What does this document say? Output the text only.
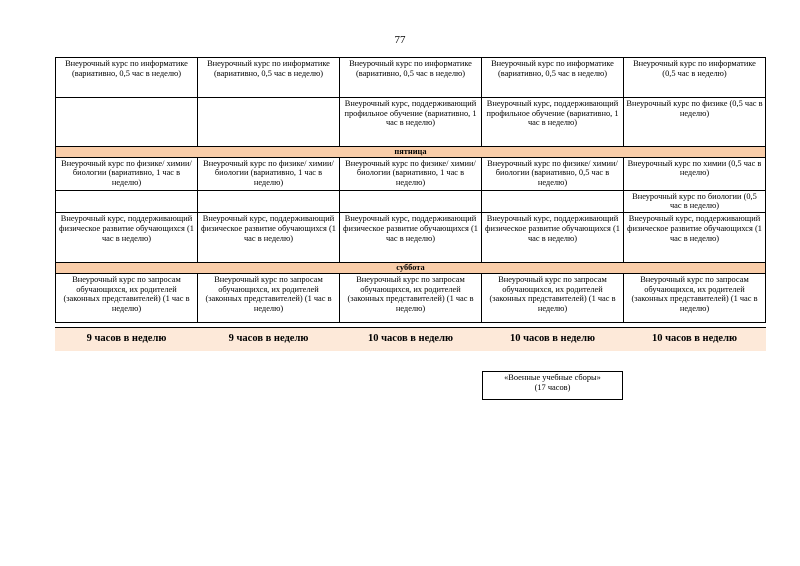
77
Внеурочный курс по информатике (вариативно, 0,5 час в неделю)	Внеурочный курс по информатике (вариативно, 0,5 час в неделю)	Внеурочный курс по информатике (вариативно, 0,5 час в неделю)	Внеурочный курс по информатике (вариативно, 0,5 час в неделю)	Внеурочный курс по информатике (0,5 час в неделю)
		Внеурочный курс, поддерживающий профильное обучение (вариативно, 1 час в неделю)	Внеурочный курс, поддерживающий профильное обучение (вариативно, 1 час в неделю)	Внеурочный курс по физике (0,5 час в неделю)
пятница				
Внеурочный курс по физике/ химии/ биологии (вариативно, 1 час в неделю)	Внеурочный курс по физике/ химии/ биологии (вариативно, 1 час в неделю)	Внеурочный курс по физике/ химии/ биологии (вариативно, 1 час в неделю)	Внеурочный курс по физике/ химии/ биологии (вариативно, 0,5 час в неделю)	Внеурочный курс по химии (0,5 час в неделю)
				Внеурочный курс по биологии (0,5 час в неделю)
Внеурочный курс, поддерживающий физическое развитие обучающихся (1 час в неделю)	Внеурочный курс, поддерживающий физическое развитие обучающихся (1 час в неделю)	Внеурочный курс, поддерживающий физическое развитие обучающихся (1 час в неделю)	Внеурочный курс, поддерживающий физическое развитие обучающихся (1 час в неделю)	Внеурочный курс, поддерживающий физическое развитие обучающихся (1 час в неделю)
суббота				
Внеурочный курс по запросам обучающихся, их родителей (законных представителей) (1 час в неделю)	Внеурочный курс по запросам обучающихся, их родителей (законных представителей) (1 час в неделю)	Внеурочный курс по запросам обучающихся, их родителей (законных представителей) (1 час в неделю)	Внеурочный курс по запросам обучающихся, их родителей (законных представителей) (1 час в неделю)	Внеурочный курс по запросам обучающихся, их родителей (законных представителей) (1 час в неделю)

9 часов в неделю	9 часов в неделю	10 часов в неделю	10 часов в неделю	10 часов в неделю
«Военные учебные сборы»
(17 часов)
